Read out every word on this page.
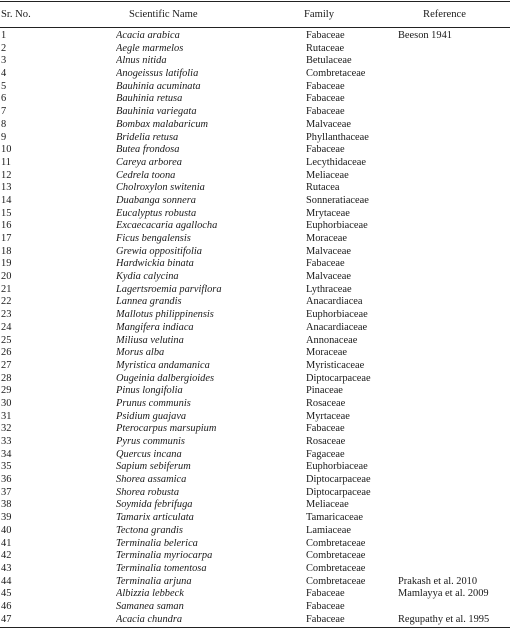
Sr. No.	Scientific Name	Family	Reference
1	Acacia arabica	Fabaceae	Beeson 1941
2	Aegle marmelos	Rutaceae	
3	Alnus nitida	Betulaceae	
4	Anogeissus latifolia	Combretaceae	
5	Bauhinia acuminata	Fabaceae	
6	Bauhinia retusa	Fabaceae	
7	Bauhinia variegata	Fabaceae	
8	Bombax malabaricum	Malvaceae	
9	Bridelia retusa	Phyllanthaceae	
10	Butea frondosa	Fabaceae	
11	Careya arborea	Lecythidaceae	
12	Cedrela toona	Meliaceae	
13	Cholroxylon switenia	Rutacea	
14	Duabanga sonnera	Sonneratiaceae	
15	Eucalyptus robusta	Mrytaceae	
16	Excaecacaria agallocha	Euphorbiaceae	
17	Ficus bengalensis	Moraceae	
18	Grewia oppositifolia	Malvaceae	
19	Hardwickia binata	Fabaceae	
20	Kydia calycina	Malvaceae	
21	Lagertsroemia parviflora	Lythraceae	
22	Lannea grandis	Anacardiacea	
23	Mallotus philippinensis	Euphorbiaceae	
24	Mangifera indiaca	Anacardiaceae	
25	Miliusa velutina	Annonaceae	
26	Morus alba	Moraceae	
27	Myristica andamanica	Myristicaceae	
28	Ougeinia dalbergioides	Diptocarpaceae	
29	Pinus longifolia	Pinaceae	
30	Prunus communis	Rosaceae	
31	Psidium guajava	Myrtaceae	
32	Pterocarpus marsupium	Fabaceae	
33	Pyrus communis	Rosaceae	
34	Quercus incana	Fagaceae	
35	Sapium sebiferum	Euphorbiaceae	
36	Shorea assamica	Diptocarpaceae	
37	Shorea robusta	Diptocarpaceae	
38	Soymida febrifuga	Meliaceae	
39	Tamarix articulata	Tamaricaceae	
40	Tectona grandis	Lamiaceae	
41	Terminalia belerica	Combretaceae	
42	Terminalia myriocarpa	Combretaceae	
43	Terminalia tomentosa	Combretaceae	
44	Terminalia arjuna	Combretaceae	Prakash et al. 2010
45	Albizzia lebbeck	Fabaceae	Mamlayya et al. 2009
46	Samanea saman	Fabaceae	
47	Acacia chundra	Fabaceae	Regupathy et al. 1995
